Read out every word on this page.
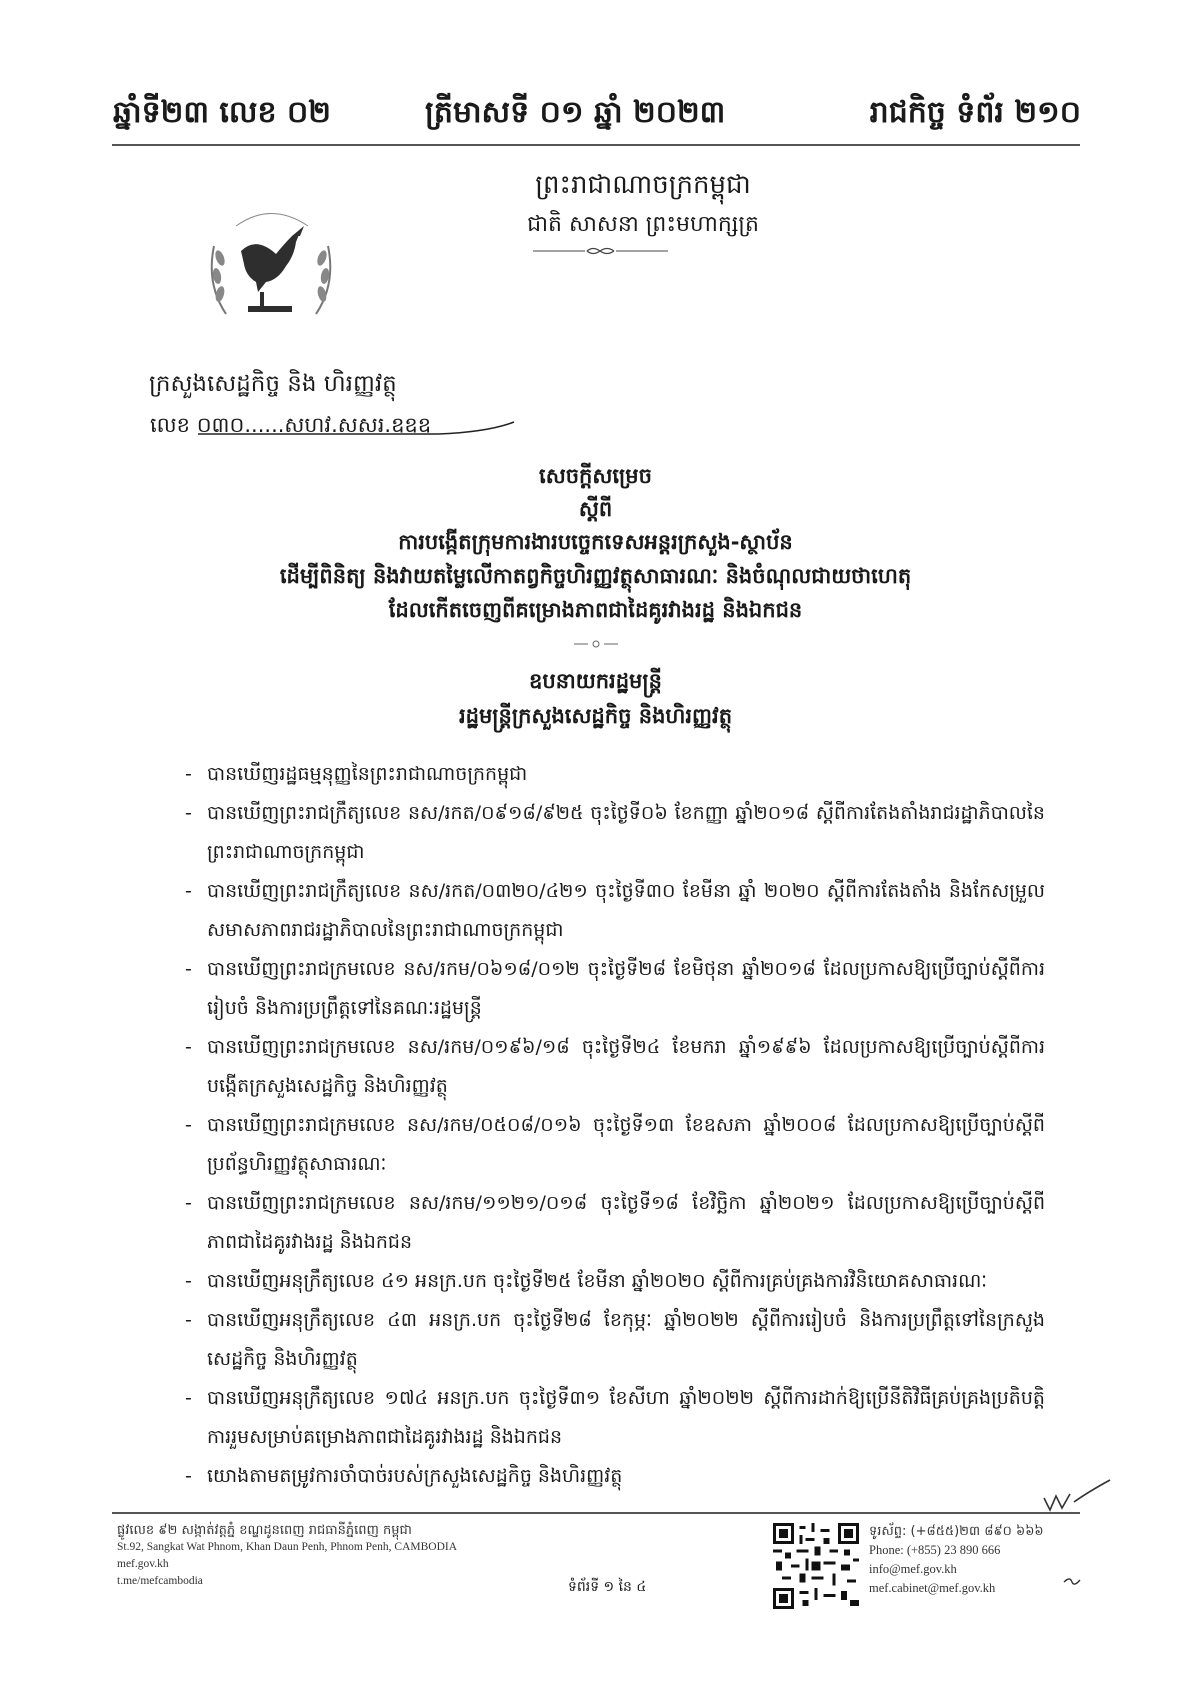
ឆ្នាំទី២៣ លេខ ០២	ត្រីមាសទី ០១ ឆ្នាំ ២០២៣	រាជកិច្ច ទំព័រ ២១០
ព្រះរាជាណាចក្រកម្ពុជា
ជាតិ សាសនា ព្រះមហាក្សត្រ
ក្រសួងសេដ្ឋកិច្ច និង ហិរញ្ញវត្ថុ
លេខ ០៣០......សហវ.សសរ.ឧឧឧ
សេចក្ដីសម្រេច
ស្ដីពី
ការបង្កើតក្រុមការងារបច្ចេកទេសអន្តរក្រសួង-ស្ថាប័ន
ដើម្បីពិនិត្យ និងវាយតម្លៃលើកាតព្វកិច្ចហិរញ្ញវត្ថុសាធារណៈ និងចំណុលជាយថាហេតុ
ដែលកើតចេញពីគម្រោងភាពជាដៃគូរវាងរដ្ឋ និងឯកជន
ឧបនាយករដ្ឋមន្ត្រី
រដ្ឋមន្ត្រីក្រសួងសេដ្ឋកិច្ច និងហិរញ្ញវត្ថុ
- បានឃើញរដ្ឋធម្មនុញ្ញនៃព្រះរាជាណាចក្រកម្ពុជា
- បានឃើញព្រះរាជក្រឹត្យលេខ នស/រកត/០៩១៨/៩២៥ ចុះថ្ងៃទី០៦ ខែកញ្ញា ឆ្នាំ២០១៨ ស្ដីពីការតែងតាំងរាជរដ្ឋាភិបាលនៃព្រះរាជាណាចក្រកម្ពុជា
- បានឃើញព្រះរាជក្រឹត្យលេខ នស/រកត/០៣២០/៤២១ ចុះថ្ងៃទី៣០ ខែមីនា ឆ្នាំ ២០២០ ស្ដីពីការតែងតាំង និងកែសម្រួលសមាសភាពរាជរដ្ឋាភិបាលនៃព្រះរាជាណាចក្រកម្ពុជា
- បានឃើញព្រះរាជក្រមលេខ នស/រកម/០៦១៨/០១២ ចុះថ្ងៃទី២៨ ខែមិថុនា ឆ្នាំ២០១៨ ដែលប្រកាសឱ្យប្រើច្បាប់ស្ដីពីការរៀបចំ និងការប្រព្រឹត្តទៅនៃគណៈរដ្ឋមន្ត្រី
- បានឃើញព្រះរាជក្រមលេខ នស/រកម/០១៩៦/១៨ ចុះថ្ងៃទី២៤ ខែមករា ឆ្នាំ១៩៩៦ ដែលប្រកាសឱ្យប្រើច្បាប់ស្ដីពីការបង្កើតក្រសួងសេដ្ឋកិច្ច និងហិរញ្ញវត្ថុ
- បានឃើញព្រះរាជក្រមលេខ នស/រកម/០៥០៨/០១៦ ចុះថ្ងៃទី១៣ ខែឧសភា ឆ្នាំ២០០៨ ដែលប្រកាសឱ្យប្រើច្បាប់ស្ដីពីប្រព័ន្ធហិរញ្ញវត្ថុសាធារណៈ
- បានឃើញព្រះរាជក្រមលេខ នស/រកម/១១២១/០១៨ ចុះថ្ងៃទី១៨ ខែវិច្ឆិកា ឆ្នាំ២០២១ ដែលប្រកាសឱ្យប្រើច្បាប់ស្ដីពីភាពជាដៃគូរវាងរដ្ឋ និងឯកជន
- បានឃើញអនុក្រឹត្យលេខ ៤១ អនក្រ.បក ចុះថ្ងៃទី២៥ ខែមីនា ឆ្នាំ២០២០ ស្ដីពីការគ្រប់គ្រងការវិនិយោគសាធារណៈ
- បានឃើញអនុក្រឹត្យលេខ ៤៣ អនក្រ.បក ចុះថ្ងៃទី២៨ ខែកុម្ភៈ ឆ្នាំ២០២២ ស្ដីពីការរៀបចំ និងការប្រព្រឹត្តទៅនៃក្រសួងសេដ្ឋកិច្ច និងហិរញ្ញវត្ថុ
- បានឃើញអនុក្រឹត្យលេខ ១៧៤ អនក្រ.បក ចុះថ្ងៃទី៣១ ខែសីហា ឆ្នាំ២០២២ ស្ដីពីការដាក់ឱ្យប្រើនីតិវិធីគ្រប់គ្រងប្រតិបត្តិការរួមសម្រាប់គម្រោងភាពជាដៃគូរវាងរដ្ឋ និងឯកជន
- យោងតាមតម្រូវការចាំបាច់របស់ក្រសួងសេដ្ឋកិច្ច និងហិរញ្ញវត្ថុ
ផ្លូវលេខ ៩២ សង្កាត់វត្តភ្នំ ខណ្ឌដូនពេញ រាជធានីភ្នំពេញ កម្ពុជា
St.92, Sangkat Wat Phnom, Khan Daun Penh, Phnom Penh, CAMBODIA
mef.gov.kh
t.me/mefcambodia	ទំព័រទី ១ នៃ ៤
ទូរស័ព្ទ: (+៨៥៥)២៣ ៨៩០ ៦៦៦
Phone: (+855) 23 890 666
info@mef.gov.kh
mef.cabinet@mef.gov.kh
